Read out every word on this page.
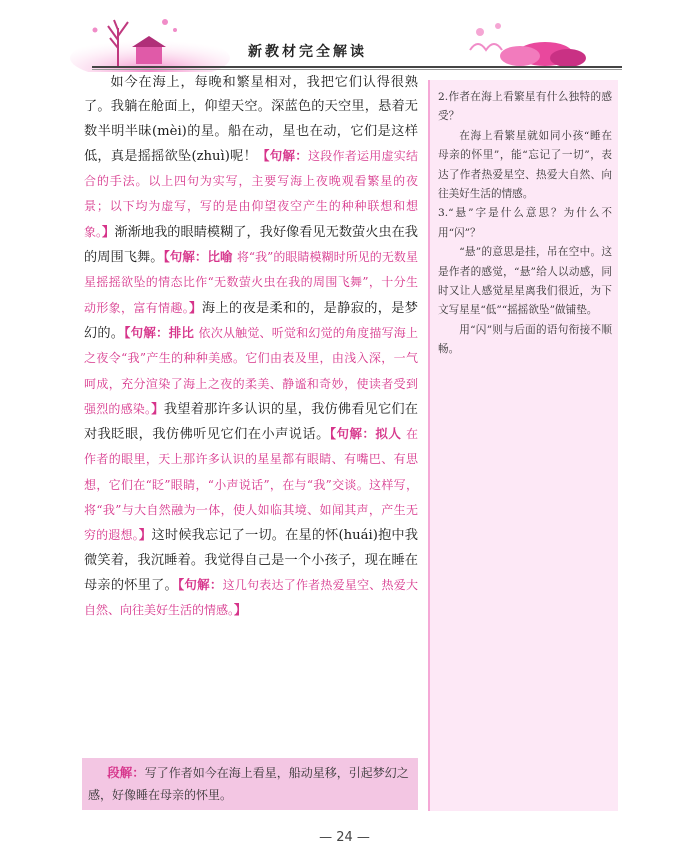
新教材完全解读

如今在海上，每晚和繁星相对，我把它们认得很熟了。我躺在舱面上，仰望天空。深蓝色的天空里，悬着无数半明半昧(mèi)的星。船在动，星也在动，它们是这样低，真是摇摇欲坠(zhuì)呢！【句解：这段作者运用虚实结合的手法。以上四句为实写，主要写海上夜晚观看繁星的夜景；以下均为虚写，写的是由仰望夜空产生的种种联想和想象。】渐渐地我的眼睛模糊了，我好像看见无数萤火虫在我的周围飞舞。【句解：比喻 将“我”的眼睛模糊时所见的无数星星摇摇欲坠的情态比作“无数萤火虫在我的周围飞舞”，十分生动形象，富有情趣。】海上的夜是柔和的，是静寂的，是梦幻的。【句解：排比 依次从触觉、听觉和幻觉的角度描写海上之夜令“我”产生的种种美感。它们由表及里，由浅入深，一气呵成，充分渲染了海上之夜的柔美、静谧和奇妙，使读者受到强烈的感染。】我望着那许多认识的星，我仿佛看见它们在对我眨眼，我仿佛听见它们在小声说话。【句解：拟人 在作者的眼里，天上那许多认识的星星都有眼睛、有嘴巴、有思想，它们在“眨”眼睛，“小声说话”，在与“我”交谈。这样写，将“我”与大自然融为一体，使人如临其境、如闻其声，产生无穷的遐想。】这时候我忘记了一切。在星的怀(huái)抱中我微笑着，我沉睡着。我觉得自己是一个小孩子，现在睡在母亲的怀里了。【句解：这几句表达了作者热爱星空、热爱大自然、向往美好生活的情感。】

段解：写了作者如今在海上看星，船动星移，引起梦幻之感，好像睡在母亲的怀里。

2.作者在海上看繁星有什么独特的感受？

在海上看繁星就如同小孩“睡在母亲的怀里”，能“忘记了一切”，表达了作者热爱星空、热爱大自然、向往美好生活的情感。

3.“悬”字是什么意思？为什么不用“闪”？

“悬”的意思是挂，吊在空中。这是作者的感觉，“悬”给人以动感，同时又让人感觉星星离我们很近，为下文写星星“低”“摇摇欲坠”做铺垫。

用“闪”则与后面的语句衔接不顺畅。

— 24 —
